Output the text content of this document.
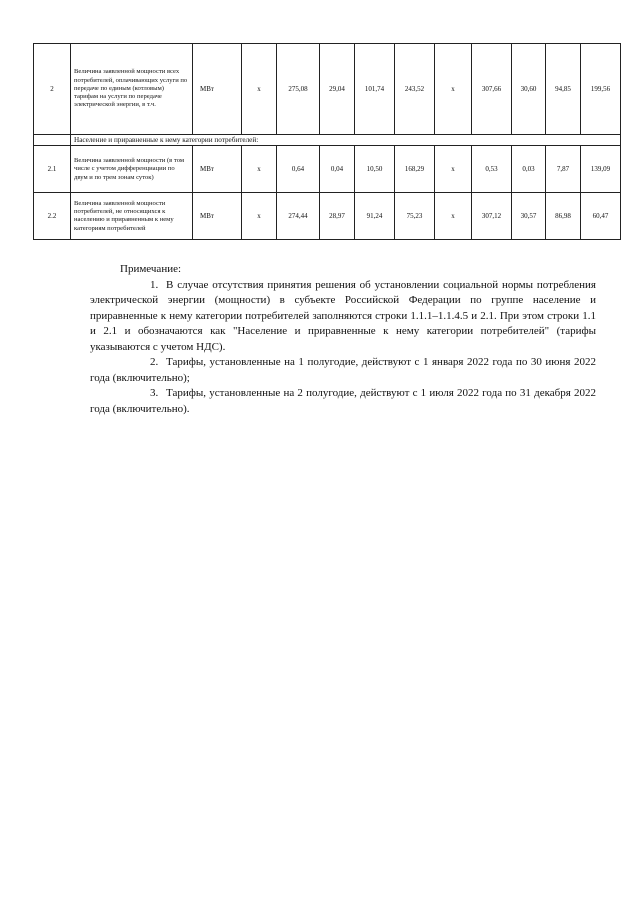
2	Величина заявленной мощности всех потребителей, оплачивающих услуги по передаче по единым (котловым) тарифам на услуги по передаче электрической энергии, в т.ч.	МВт	х	275,08	29,04	101,74	243,52	х	307,66	30,60	94,85	199,56
	Население и приравненные к нему категории потребителей:											
2.1	Величина заявленной мощности (в том числе с учетом дифференциации по двум и по трем зонам суток)	МВт	х	0,64	0,04	10,50	168,29	х	0,53	0,03	7,87	139,09
2.2	Величина заявленной мощности потребителей, не относящихся к населению и приравненным к нему категориям потребителей	МВт	х	274,44	28,97	91,24	75,23	х	307,12	30,57	86,98	60,47
Примечание:
1. В случае отсутствия принятия решения об установлении социальной нормы потребления электрической энергии (мощности) в субъекте Российской Федерации по группе население и приравненные к нему категории потребителей заполняются строки 1.1.1–1.1.4.5 и 2.1. При этом строки 1.1 и 2.1 и обозначаются как "Население и приравненные к нему категории потребителей" (тарифы указываются с учетом НДС).
2. Тарифы, установленные на 1 полугодие, действуют с 1 января 2022 года по 30 июня 2022 года (включительно);
3. Тарифы, установленные на 2 полугодие, действуют с 1 июля 2022 года по 31 декабря 2022 года (включительно).
